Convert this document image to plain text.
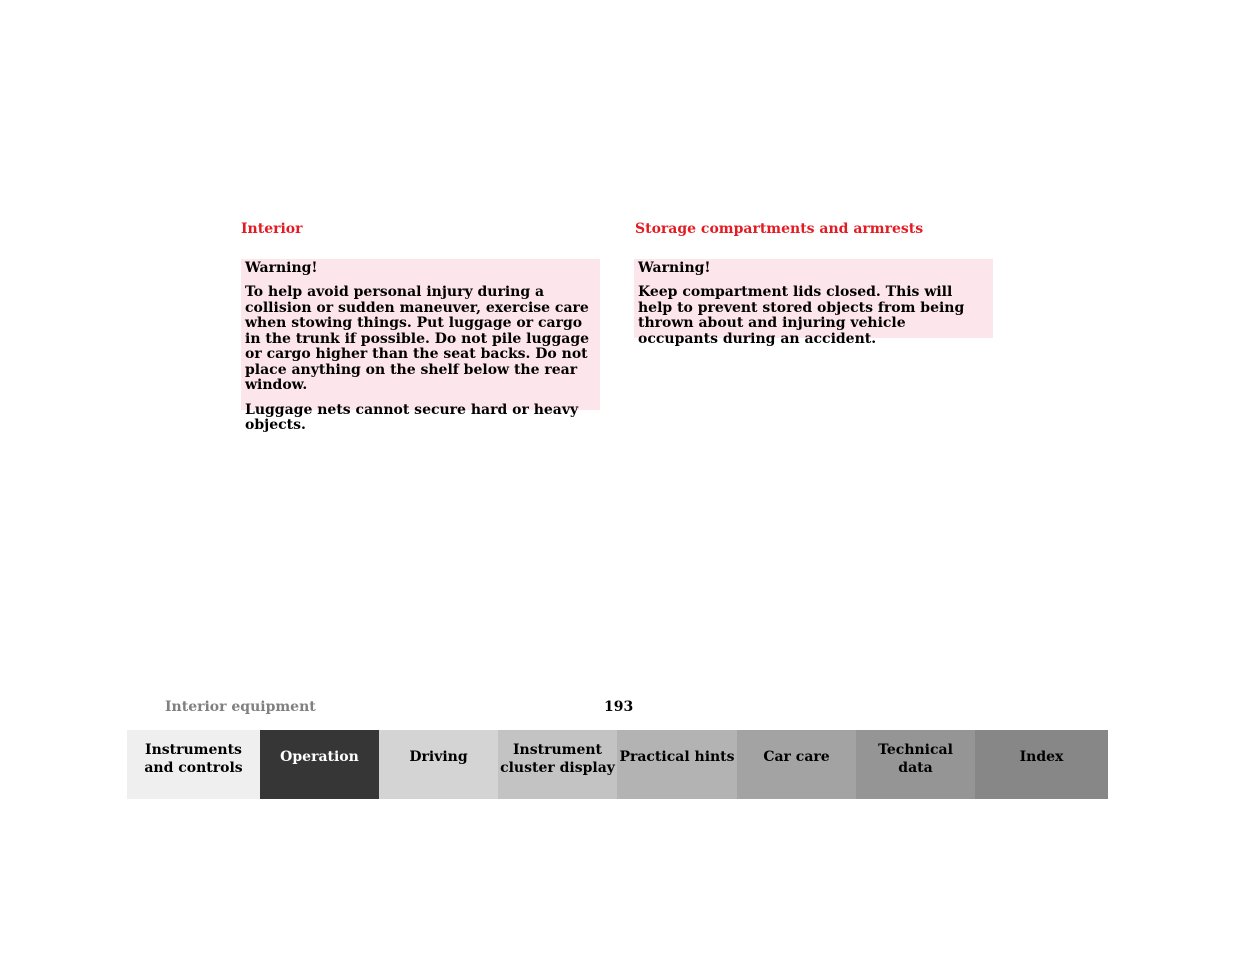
Interior	Storage compartments and armrests

Warning!

To help avoid personal injury during a collision or sudden maneuver, exercise care when stowing things. Put luggage or cargo in the trunk if possible. Do not pile luggage or cargo higher than the seat backs. Do not place anything on the shelf below the rear window.

Luggage nets cannot secure hard or heavy objects.

Warning!

Keep compartment lids closed. This will help to prevent stored objects from being thrown about and injuring vehicle occupants during an accident.

Interior equipment	193
Instruments
and controls
Operation	Driving	Instrument
cluster display
Practical hints Car care	Technical
data
Index
